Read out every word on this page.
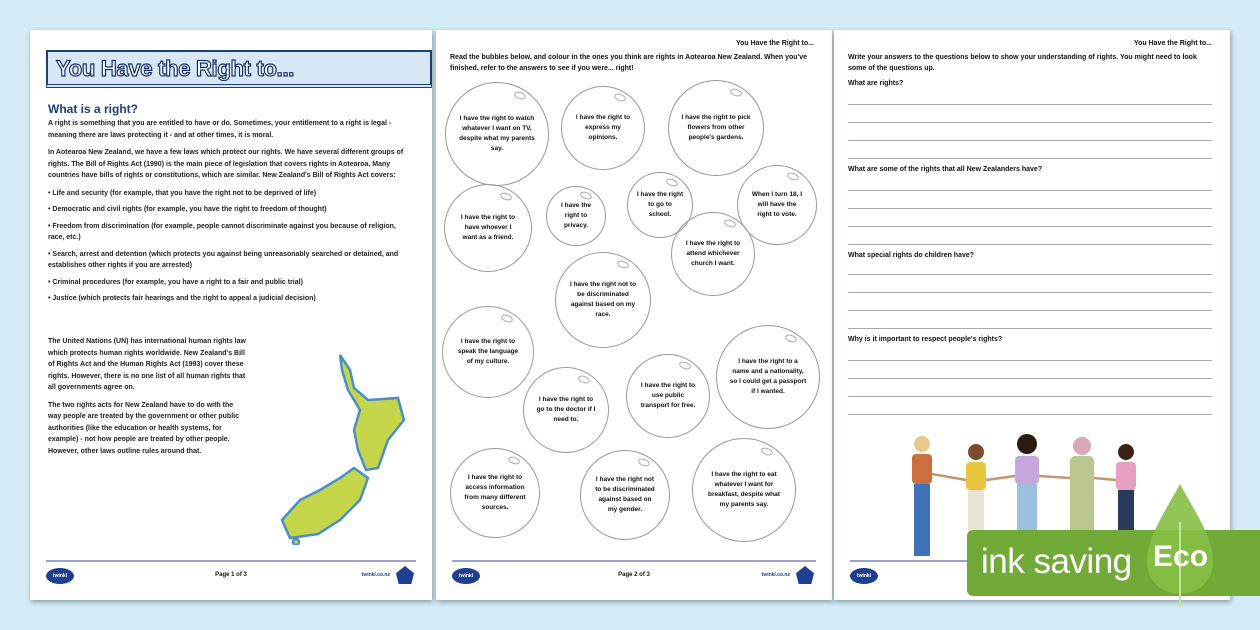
You Have the Right to...
What is a right?

A right is something that you are entitled to have or do. Sometimes, your entitlement to a right is legal - meaning there are laws protecting it - and at other times, it is moral.

In Aotearoa New Zealand, we have a few laws which protect our rights. We have several different groups of rights. The Bill of Rights Act (1990) is the main piece of legislation that covers rights in Aotearoa. Many countries have bills of rights or constitutions, which are similar. New Zealand's Bill of Rights Act covers:

• Life and security (for example, that you have the right not to be deprived of life)
• Democratic and civil rights (for example, you have the right to freedom of thought)
• Freedom from discrimination (for example, people cannot discriminate against you because of religion, race, etc.)
• Search, arrest and detention (which protects you against being unreasonably searched or detained, and establishes other rights if you are arrested)
• Criminal procedures (for example, you have a right to a fair and public trial)
• Justice (which protects fair hearings and the right to appeal a judicial decision)

The United Nations (UN) has international human rights law which protects human rights worldwide. New Zealand's Bill of Rights Act and the Human Rights Act (1993) cover these rights. However, there is no one list of all human rights that all governments agree on.

The two rights acts for New Zealand have to do with the way people are treated by the government or other public authorities (like the education or health systems, for example) - not how people are treated by other people. However, other laws outline rules around that.

twinkl	Page 1 of 3	twinkl.co.nz
You Have the Right to...
Read the bubbles below, and colour in the ones you think are rights in Aotearoa New Zealand. When you've finished, refer to the answers to see if you were... right!
I have the right to watch whatever I want on TV, despite what my parents say.
I have the right to express my opinions.
I have the right to pick flowers from other people's gardens.
I have the right to privacy.
I have the right to go to school.
When I turn 18, I will have the right to vote.
I have the right to have whoever I want as a friend.
I have the right not to be discriminated against based on my race.
I have the right to attend whichever church I want.
I have the right to speak the language of my culture.
I have the right to go to the doctor if I need to.
I have the right to use public transport for free.
I have the right to a name and a nationality, so I could get a passport if I wanted.
I have the right to access information from many different sources.
I have the right not to be discriminated against based on my gender.
I have the right to eat whatever I want for breakfast, despite what my parents say.
twinkl	Page 2 of 3	twinkl.co.nz
You Have the Right to...
Write your answers to the questions below to show your understanding of rights. You might need to look some of the questions up.
What are rights?
What are some of the rights that all New Zealanders have?
What special rights do children have?
Why is it important to respect people's rights?
twinkl	ink saving Eco
